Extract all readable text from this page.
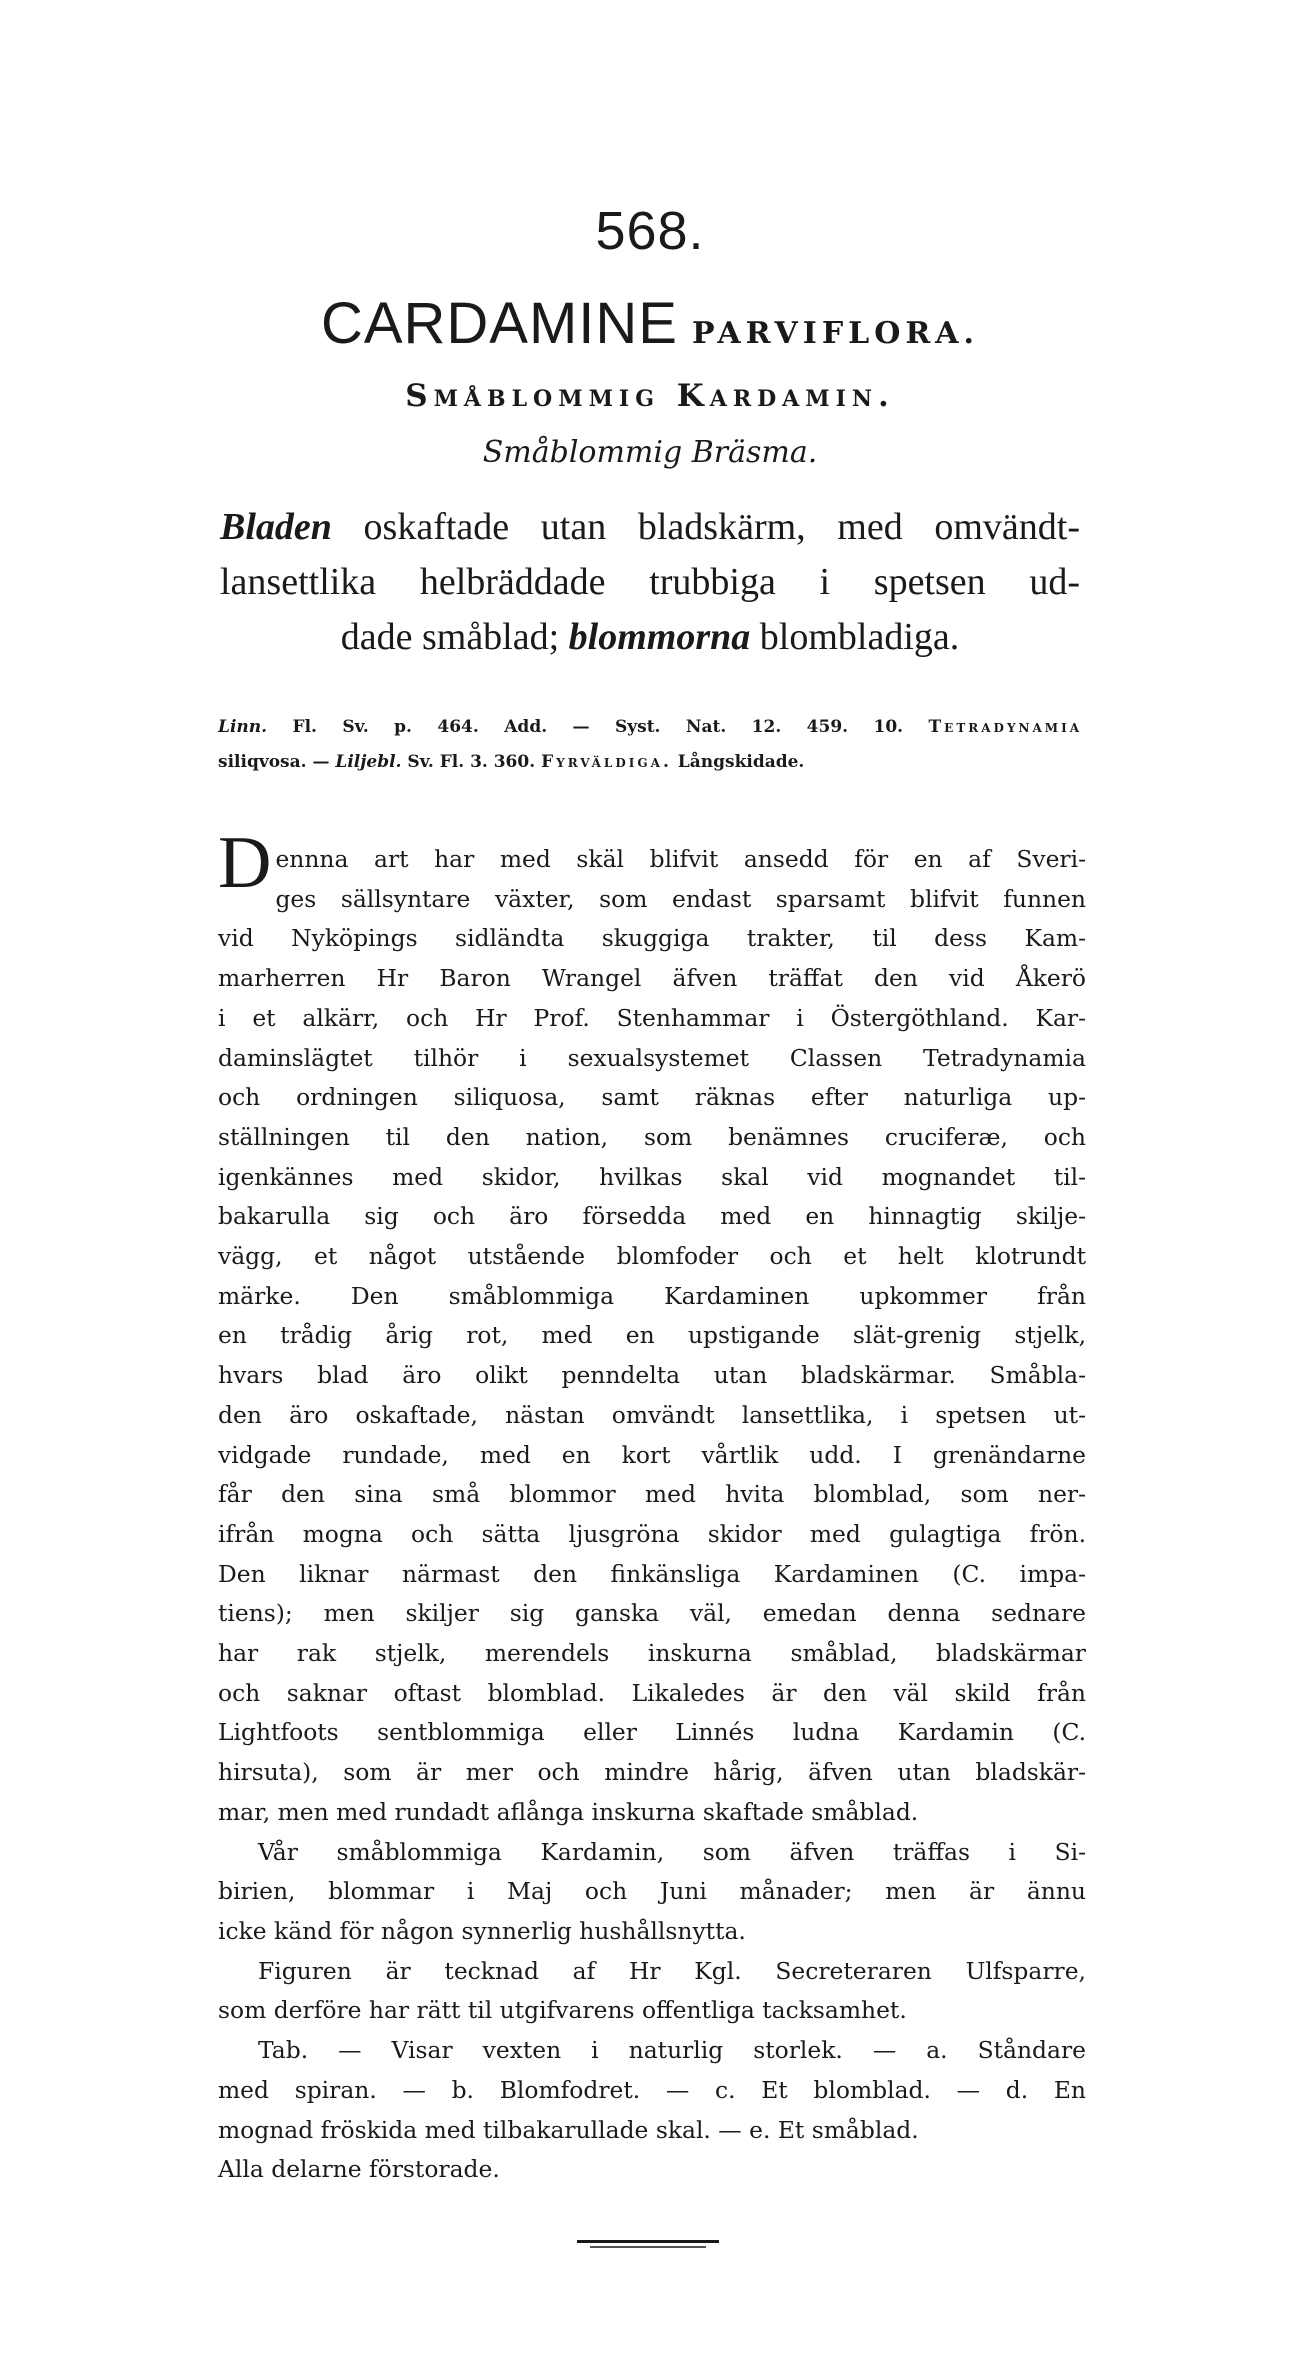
568.
CARDAMINE PARVIFLORA.
Småblommig Kardamin.
Småblommig Bräsma.
Bladen oskaftade utan bladskärm, med omvändt-
lansettlika helbräddade trubbiga i spetsen ud-
dade småblad; blommorna blombladiga.
Linn. Fl. Sv. p. 464. Add. — Syst. Nat. 12. 459. 10. Tetradynamia
siliqvosa. — Liljebl. Sv. Fl. 3. 360. Fyrväldiga. Långskidade.
D ennna art har med skäl blifvit ansedd för en af Sveri-
ges sällsyntare växter, som endast sparsamt blifvit funnen
vid Nyköpings sidländta skuggiga trakter, til dess Kam-
marherren Hr Baron Wrangel äfven träffat den vid Åkerö
i et alkärr, och Hr Prof. Stenhammar i Östergöthland. Kar-
daminslägtet tilhör i sexualsystemet Classen Tetradynamia
och ordningen siliquosa, samt räknas efter naturliga up-
ställningen til den nation, som benämnes cruciferæ, och
igenkännes med skidor, hvilkas skal vid mognandet til-
bakarulla sig och äro försedda med en hinnagtig skilje-
vägg, et något utstående blomfoder och et helt klotrundt
märke. Den småblommiga Kardaminen upkommer från
en trådig årig rot, med en upstigande slät-grenig stjelk,
hvars blad äro olikt penndelta utan bladskärmar. Småbla-
den äro oskaftade, nästan omvändt lansettlika, i spetsen ut-
vidgade rundade, med en kort vårtlik udd. I grenändarne
får den sina små blommor med hvita blomblad, som ner-
ifrån mogna och sätta ljusgröna skidor med gulagtiga frön.
Den liknar närmast den finkänsliga Kardaminen (C. impa-
tiens); men skiljer sig ganska väl, emedan denna sednare
har rak stjelk, merendels inskurna småblad, bladskärmar
och saknar oftast blomblad. Likaledes är den väl skild från
Lightfoots sentblommiga eller Linnés ludna Kardamin (C.
hirsuta), som är mer och mindre hårig, äfven utan bladskär-
mar, men med rundadt aflånga inskurna skaftade småblad.
Vår småblommiga Kardamin, som äfven träffas i Si-
birien, blommar i Maj och Juni månader; men är ännu
icke känd för någon synnerlig hushållsnytta.
Figuren är tecknad af Hr Kgl. Secreteraren Ulfsparre,
som derföre har rätt til utgifvarens offentliga tacksamhet.
Tab. — Visar vexten i naturlig storlek. — a. Ståndare
med spiran. — b. Blomfodret. — c. Et blomblad. — d. En
mognad fröskida med tilbakarullade skal. — e. Et småblad.
Alla delarne förstorade.
